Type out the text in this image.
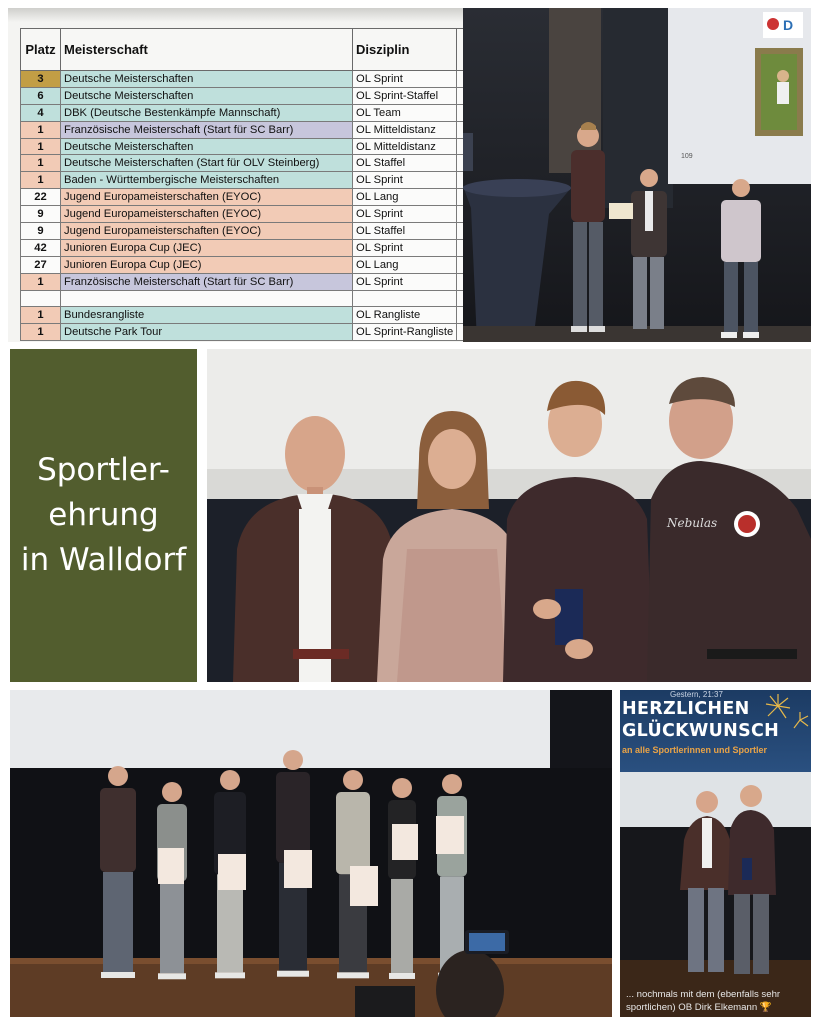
Platz	Meisterschaft	Disziplin	
3	Deutsche Meisterschaften	OL Sprint	
6	Deutsche Meisterschaften	OL Sprint-Staffel	
4	DBK (Deutsche Bestenkämpfe Mannschaft)	OL Team	
1	Französische Meisterschaft (Start für SC Barr)	OL Mitteldistanz	
1	Deutsche Meisterschaften	OL Mitteldistanz	
1	Deutsche Meisterschaften (Start für OLV Steinberg)	OL Staffel	
1	Baden - Württembergische Meisterschaften	OL Sprint	
22	Jugend Europameisterschaften (EYOC)	OL Lang	
9	Jugend Europameisterschaften (EYOC)	OL Sprint	
9	Jugend Europameisterschaften (EYOC)	OL Staffel	
42	Junioren Europa Cup (JEC)	OL Sprint	
27	Junioren Europa Cup (JEC)	OL Lang	
1	Französische Meisterschaft (Start für SC Barr)	OL Sprint	

1	Bundesrangliste	OL Rangliste	
1	Deutsche Park Tour	OL Sprint-Rangliste	
D
109
Sportler-
ehrung
in Walldorf
Nebulas
Gestern, 21:37
HERZLICHEN
GLÜCKWUNSCH
an alle Sportlerinnen und Sportler
... nochmals mit dem (ebenfalls sehr sportlichen) OB Dirk Elkemann 🏆
